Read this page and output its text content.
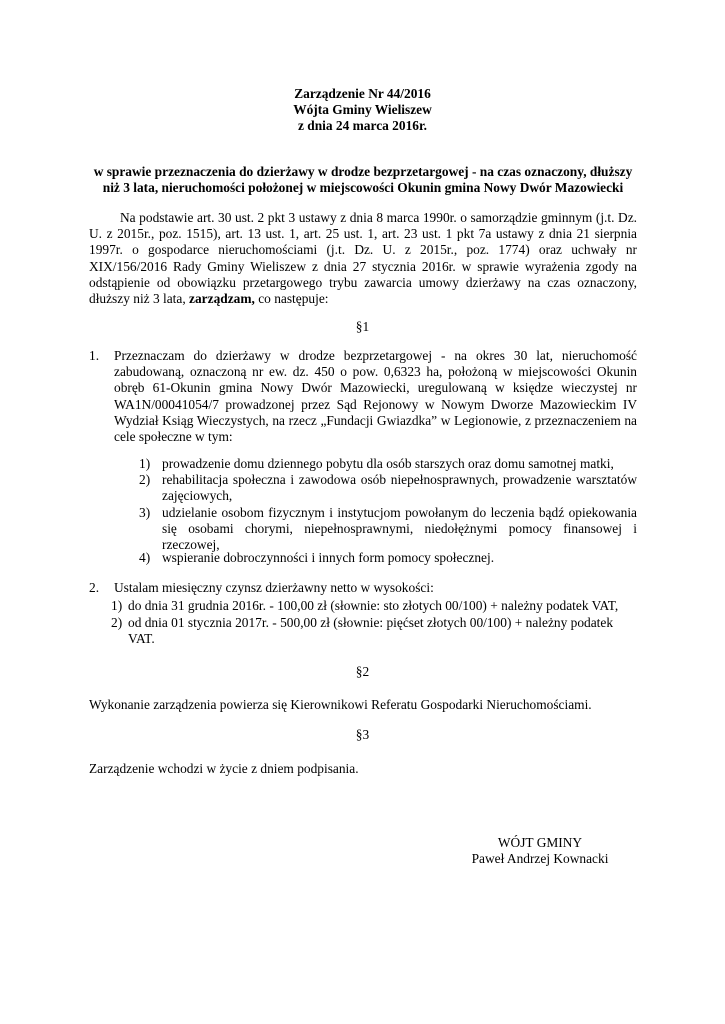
Zarządzenie Nr 44/2016
Wójta Gminy Wieliszew
z dnia 24 marca 2016r.
w sprawie przeznaczenia do dzierżawy w drodze bezprzetargowej - na czas oznaczony, dłuższy
niż 3 lata, nieruchomości położonej w miejscowości Okunin gmina Nowy Dwór Mazowiecki
Na podstawie art. 30 ust. 2 pkt 3 ustawy z dnia 8 marca 1990r. o samorządzie gminnym (j.t. Dz. U. z 2015r., poz. 1515), art. 13 ust. 1, art. 25 ust. 1, art. 23 ust. 1 pkt 7a ustawy z dnia 21 sierpnia 1997r. o gospodarce nieruchomościami (j.t. Dz. U. z 2015r., poz. 1774) oraz uchwały nr XIX/156/2016 Rady Gminy Wieliszew z dnia 27 stycznia 2016r. w sprawie wyrażenia zgody na odstąpienie od obowiązku przetargowego trybu zawarcia umowy dzierżawy na czas oznaczony, dłuższy niż 3 lata, zarządzam, co następuje:
§1
1. Przeznaczam do dzierżawy w drodze bezprzetargowej - na okres 30 lat, nieruchomość zabudowaną, oznaczoną nr ew. dz. 450 o pow. 0,6323 ha, położoną w miejscowości Okunin obręb 61-Okunin gmina Nowy Dwór Mazowiecki, uregulowaną w księdze wieczystej nr WA1N/00041054/7 prowadzonej przez Sąd Rejonowy w Nowym Dworze Mazowieckim IV Wydział Ksiąg Wieczystych, na rzecz „Fundacji Gwiazdka” w Legionowie, z przeznaczeniem na cele społeczne w tym:
1) prowadzenie domu dziennego pobytu dla osób starszych oraz domu samotnej matki,
2) rehabilitacja społeczna i zawodowa osób niepełnosprawnych, prowadzenie warsztatów zajęciowych,
3) udzielanie osobom fizycznym i instytucjom powołanym do leczenia bądź opiekowania się osobami chorymi, niepełnosprawnymi, niedołężnymi pomocy finansowej i rzeczowej,
4) wspieranie dobroczynności i innych form pomocy społecznej.
2. Ustalam miesięczny czynsz dzierżawny netto w wysokości:
1) do dnia 31 grudnia 2016r. - 100,00 zł (słownie: sto złotych 00/100) + należny podatek VAT,
2) od dnia 01 stycznia 2017r. - 500,00 zł (słownie: pięćset złotych 00/100) + należny podatek VAT.
§2
Wykonanie zarządzenia powierza się Kierownikowi Referatu Gospodarki Nieruchomościami.
§3
Zarządzenie wchodzi w życie z dniem podpisania.
WÓJT GMINY
Paweł Andrzej Kownacki
